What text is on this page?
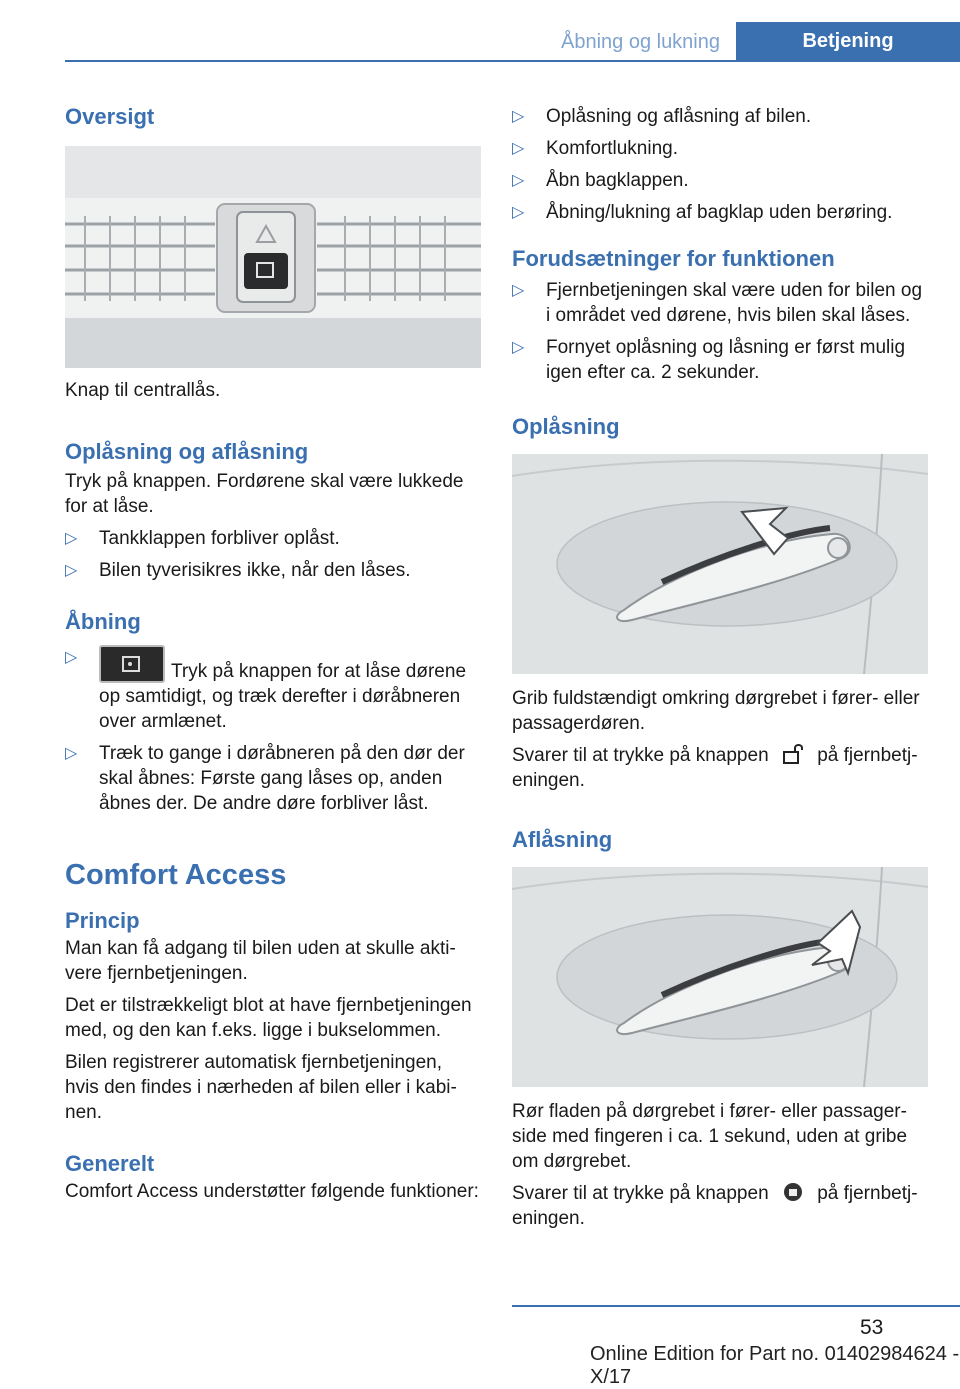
Åbning og lukning	Betjening
Oversigt

Knap til centrallås.

Oplåsning og aflåsning

Tryk på knappen. Fordørene skal være lukkede for at låse.

▷
Tankklappen forbliver oplåst.
▷
Bilen tyverisikres ikke, når den låses.
Åbning
▷
Tryk på knappen for at låse dørene op samtidigt, og træk derefter i døråbneren over armlænet.
▷
Træk to gange i døråbneren på den dør der skal åbnes: Første gang låses op, anden åbnes der. De andre døre forbliver låst.
Comfort Access
Princip

Man kan få adgang til bilen uden at skulle aktivere fjernbetjeningen.

Det er tilstrækkeligt blot at have fjernbetjeningen med, og den kan f.eks. ligge i bukselommen.

Bilen registrerer automatisk fjernbetjeningen, hvis den findes i nærheden af bilen eller i kabinen.

Generelt

Comfort Access understøtter følgende funktioner:

▷
Oplåsning og aflåsning af bilen.
▷
Komfortlukning.
▷
Åbn bagklappen.
▷
Åbning/lukning af bagklap uden berøring.
Forudsætninger for funktionen
▷
Fjernbetjeningen skal være uden for bilen og i området ved dørene, hvis bilen skal låses.
▷
Fornyet oplåsning og låsning er først mulig igen efter ca. 2 sekunder.
Oplåsning

Grib fuldstændigt omkring dørgrebet i fører- eller passagerdøren.

Svarer til at trykke på knappen	på fjernbetjeningen.

Aflåsning

Rør fladen på dørgrebet i fører- eller passagerside med fingeren i ca. 1 sekund, uden at gribe om dørgrebet.

Svarer til at trykke på knappen	på fjernbetjeningen.

53
Online Edition for Part no. 01402984624 - X/17
